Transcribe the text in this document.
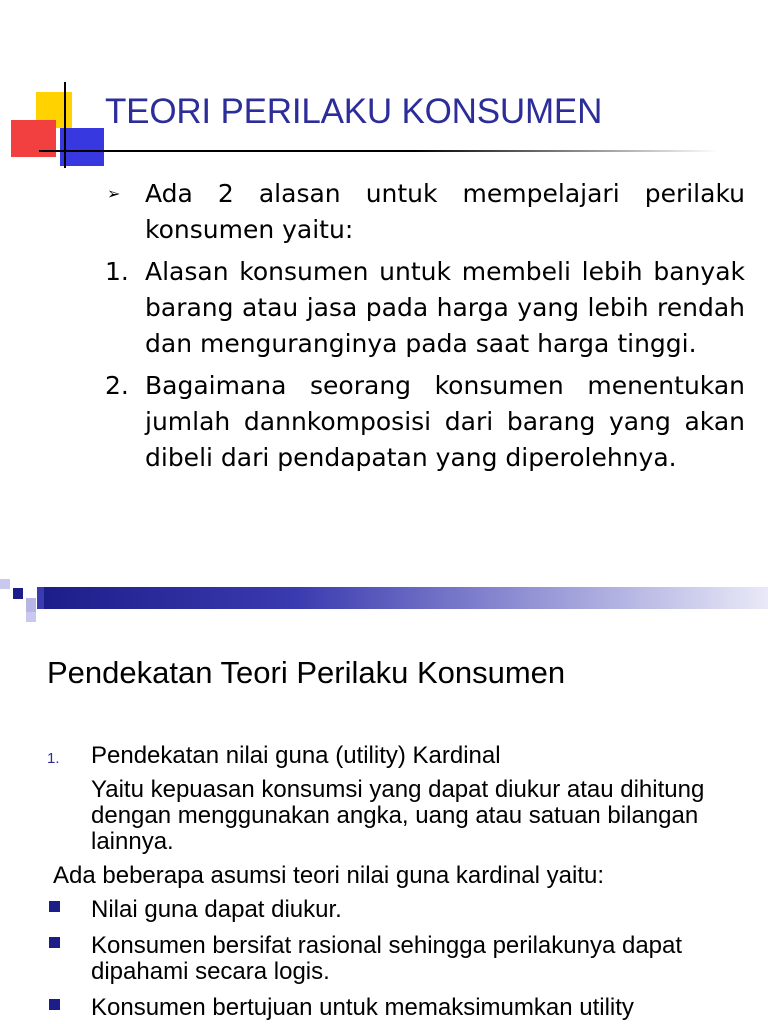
TEORI PERILAKU KONSUMEN
➢ Ada 2 alasan untuk mempelajari perilaku konsumen yaitu:
1. Alasan konsumen untuk membeli lebih banyak barang atau jasa pada harga yang lebih rendah dan menguranginya pada saat harga tinggi.
2. Bagaimana seorang konsumen menentukan jumlah dannkomposisi dari barang yang akan dibeli dari pendapatan yang diperolehnya.
Pendekatan Teori Perilaku Konsumen
1. Pendekatan nilai guna (utility) Kardinal
Yaitu kepuasan konsumsi yang dapat diukur atau dihitung dengan menggunakan angka, uang atau satuan bilangan lainnya.
Ada beberapa asumsi teori nilai guna kardinal yaitu:
Nilai guna dapat diukur.
Konsumen bersifat rasional sehingga perilakunya dapat dipahami secara logis.
Konsumen bertujuan untuk memaksimumkan utility
